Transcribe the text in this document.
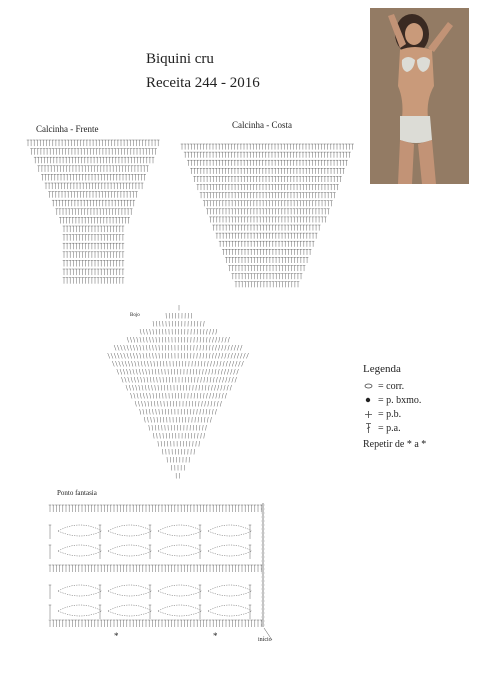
Biquini cru
Receita 244 - 2016
Calcinha - Frente	Calcinha - Costa
Bojo
Ponto fantasia
início
*	*
Legenda
= corr.
= p. bxmo.
= p.b.
= p.a.
Repetir de * a *
